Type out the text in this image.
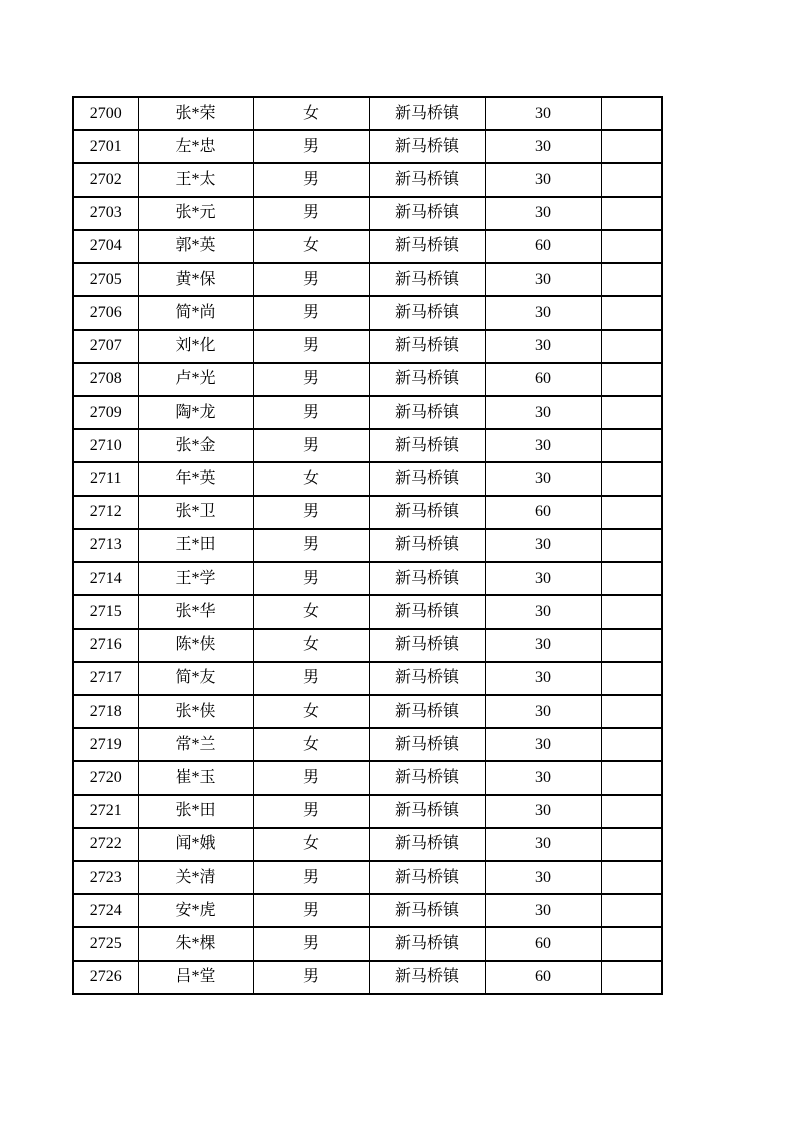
2700	张*荣	女	新马桥镇	30	
2701	左*忠	男	新马桥镇	30	
2702	王*太	男	新马桥镇	30	
2703	张*元	男	新马桥镇	30	
2704	郭*英	女	新马桥镇	60	
2705	黄*保	男	新马桥镇	30	
2706	简*尚	男	新马桥镇	30	
2707	刘*化	男	新马桥镇	30	
2708	卢*光	男	新马桥镇	60	
2709	陶*龙	男	新马桥镇	30	
2710	张*金	男	新马桥镇	30	
2711	年*英	女	新马桥镇	30	
2712	张*卫	男	新马桥镇	60	
2713	王*田	男	新马桥镇	30	
2714	王*学	男	新马桥镇	30	
2715	张*华	女	新马桥镇	30	
2716	陈*侠	女	新马桥镇	30	
2717	简*友	男	新马桥镇	30	
2718	张*侠	女	新马桥镇	30	
2719	常*兰	女	新马桥镇	30	
2720	崔*玉	男	新马桥镇	30	
2721	张*田	男	新马桥镇	30	
2722	闻*娥	女	新马桥镇	30	
2723	关*清	男	新马桥镇	30	
2724	安*虎	男	新马桥镇	30	
2725	朱*棵	男	新马桥镇	60	
2726	吕*堂	男	新马桥镇	60	
